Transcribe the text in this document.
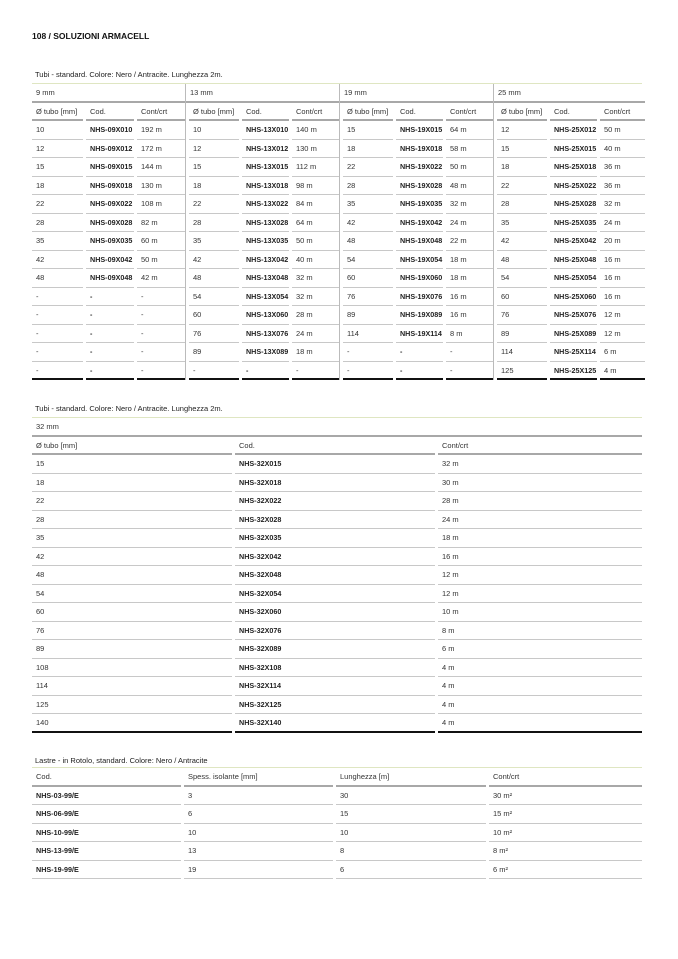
108 / SOLUZIONI ARMACELL
Tubi - standard. Colore: Nero / Antracite. Lunghezza 2m.
9 mm
Ø tubo [mm]	Cod.	Cont/crt
10	NHS-09X010	192 m
12	NHS-09X012	172 m
15	NHS-09X015	144 m
18	NHS-09X018	130 m
22	NHS-09X022	108 m
28	NHS-09X028	82 m
35	NHS-09X035	60 m
42	NHS-09X042	50 m
48	NHS-09X048	42 m
-	-	-
-	-	-
-	-	-
-	-	-
-	-	-
13 mm
Ø tubo [mm]	Cod.	Cont/crt
10	NHS-13X010	140 m
12	NHS-13X012	130 m
15	NHS-13X015	112 m
18	NHS-13X018	98 m
22	NHS-13X022	84 m
28	NHS-13X028	64 m
35	NHS-13X035	50 m
42	NHS-13X042	40 m
48	NHS-13X048	32 m
54	NHS-13X054	32 m
60	NHS-13X060	28 m
76	NHS-13X076	24 m
89	NHS-13X089	18 m
-	-	-
19 mm
Ø tubo [mm]	Cod.	Cont/crt
15	NHS-19X015	64 m
18	NHS-19X018	58 m
22	NHS-19X022	50 m
28	NHS-19X028	48 m
35	NHS-19X035	32 m
42	NHS-19X042	24 m
48	NHS-19X048	22 m
54	NHS-19X054	18 m
60	NHS-19X060	18 m
76	NHS-19X076	16 m
89	NHS-19X089	16 m
114	NHS-19X114	8 m
-	-	-
-	-	-
25 mm
Ø tubo [mm]	Cod.	Cont/crt
12	NHS-25X012	50 m
15	NHS-25X015	40 m
18	NHS-25X018	36 m
22	NHS-25X022	36 m
28	NHS-25X028	32 m
35	NHS-25X035	24 m
42	NHS-25X042	20 m
48	NHS-25X048	16 m
54	NHS-25X054	16 m
60	NHS-25X060	16 m
76	NHS-25X076	12 m
89	NHS-25X089	12 m
114	NHS-25X114	6 m
125	NHS-25X125	4 m
Tubi - standard. Colore: Nero / Antracite. Lunghezza 2m.
32 mm
Ø tubo [mm]	Cod.	Cont/crt
15	NHS-32X015	32 m
18	NHS-32X018	30 m
22	NHS-32X022	28 m
28	NHS-32X028	24 m
35	NHS-32X035	18 m
42	NHS-32X042	16 m
48	NHS-32X048	12 m
54	NHS-32X054	12 m
60	NHS-32X060	10 m
76	NHS-32X076	8 m
89	NHS-32X089	6 m
108	NHS-32X108	4 m
114	NHS-32X114	4 m
125	NHS-32X125	4 m
140	NHS-32X140	4 m
Lastre - in Rotolo, standard. Colore: Nero / Antracite
Cod.	Spess. isolante [mm]	Lunghezza [m]	Cont/crt
NHS-03-99/E	3	30	30 m²
NHS-06-99/E	6	15	15 m²
NHS-10-99/E	10	10	10 m²
NHS-13-99/E	13	8	8 m²
NHS-19-99/E	19	6	6 m²
